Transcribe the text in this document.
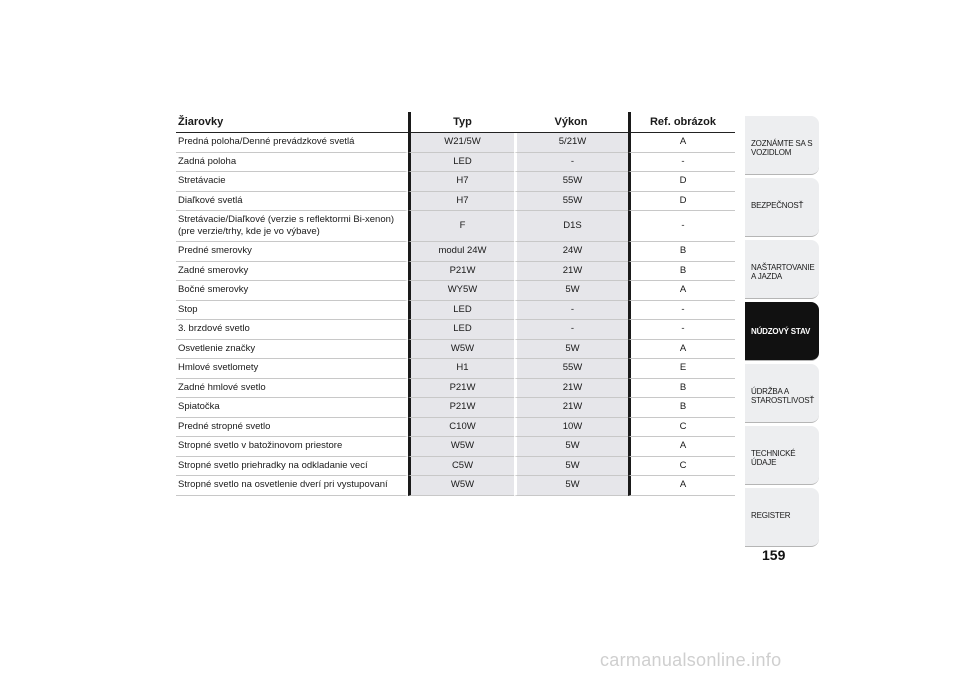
Žiarovky	Typ	Výkon	Ref. obrázok
Predná poloha/Denné prevádzkové svetlá	W21/5W	5/21W	A
Zadná poloha	LED	-	-
Stretávacie	H7	55W	D
Diaľkové svetlá	H7	55W	D
Stretávacie/Diaľkové (verzie s reflektormi Bi-xenon)
(pre verzie/trhy, kde je vo výbave)	F	D1S	-
Predné smerovky	modul 24W	24W	B
Zadné smerovky	P21W	21W	B
Bočné smerovky	WY5W	5W	A
Stop	LED	-	-
3. brzdové svetlo	LED	-	-
Osvetlenie značky	W5W	5W	A
Hmlové svetlomety	H1	55W	E
Zadné hmlové svetlo	P21W	21W	B
Spiatočka	P21W	21W	B
Predné stropné svetlo	C10W	10W	C
Stropné svetlo v batožinovom priestore	W5W	5W	A
Stropné svetlo priehradky na odkladanie vecí	C5W	5W	C
Stropné svetlo na osvetlenie dverí pri vystupovaní	W5W	5W	A
ZOZNÁMTE SA S VOZIDLOM
BEZPEČNOSŤ
NAŠTARTOVANIE A JAZDA
NÚDZOVÝ STAV
ÚDRŽBA A STAROSTLIVOSŤ
TECHNICKÉ ÚDAJE
REGISTER
159
carmanualsonline.info
